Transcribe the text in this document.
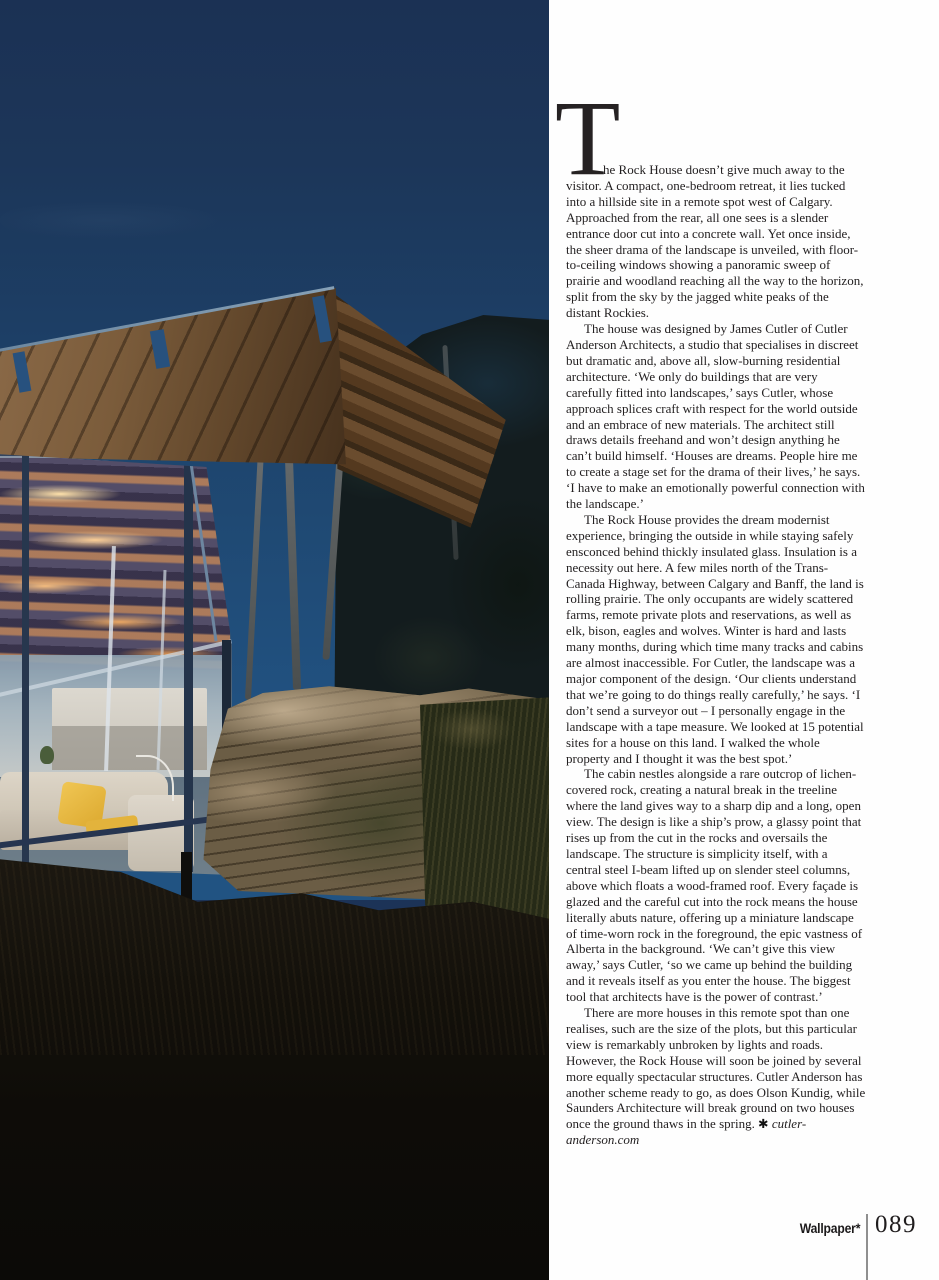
T

he Rock House doesn’t give much away to the visitor. A compact, one-bedroom retreat, it lies tucked into a hillside site in a remote spot west of Calgary. Approached from the rear, all one sees is a slender entrance door cut into a concrete wall. Yet once inside, the sheer drama of the landscape is unveiled, with floor-to-ceiling windows showing a panoramic sweep of prairie and woodland reaching all the way to the horizon, split from the sky by the jagged white peaks of the distant Rockies.

The house was designed by James Cutler of Cutler Anderson Architects, a studio that specialises in discreet but dramatic and, above all, slow-burning residential architecture. ‘We only do buildings that are very carefully fitted into landscapes,’ says Cutler, whose approach splices craft with respect for the world outside and an embrace of new materials. The architect still draws details freehand and won’t design anything he can’t build himself. ‘Houses are dreams. People hire me to create a stage set for the drama of their lives,’ he says. ‘I have to make an emotionally powerful connection with the landscape.’

The Rock House provides the dream modernist experience, bringing the outside in while staying safely ensconced behind thickly insulated glass. Insulation is a necessity out here. A few miles north of the Trans-Canada Highway, between Calgary and Banff, the land is rolling prairie. The only occupants are widely scattered farms, remote private plots and reservations, as well as elk, bison, eagles and wolves. Winter is hard and lasts many months, during which time many tracks and cabins are almost inaccessible. For Cutler, the landscape was a major component of the design. ‘Our clients understand that we’re going to do things really carefully,’ he says. ‘I don’t send a surveyor out – I personally engage in the landscape with a tape measure. We looked at 15 potential sites for a house on this land. I walked the whole property and I thought it was the best spot.’

The cabin nestles alongside a rare outcrop of lichen-covered rock, creating a natural break in the treeline where the land gives way to a sharp dip and a long, open view. The design is like a ship’s prow, a glassy point that rises up from the cut in the rocks and oversails the landscape. The structure is simplicity itself, with a central steel I-beam lifted up on slender steel columns, above which floats a wood-framed roof. Every façade is glazed and the careful cut into the rock means the house literally abuts nature, offering up a miniature landscape of time-worn rock in the foreground, the epic vastness of Alberta in the background. ‘We can’t give this view away,’ says Cutler, ‘so we came up behind the building and it reveals itself as you enter the house. The biggest tool that architects have is the power of contrast.’

There are more houses in this remote spot than one realises, such are the size of the plots, but this particular view is remarkably unbroken by lights and roads. However, the Rock House will soon be joined by several more equally spectacular structures. Cutler Anderson has another scheme ready to go, as does Olson Kundig, while Saunders Architecture will break ground on two houses once the ground thaws in the spring. ✱ cutler-anderson.com

Wallpaper* 089
